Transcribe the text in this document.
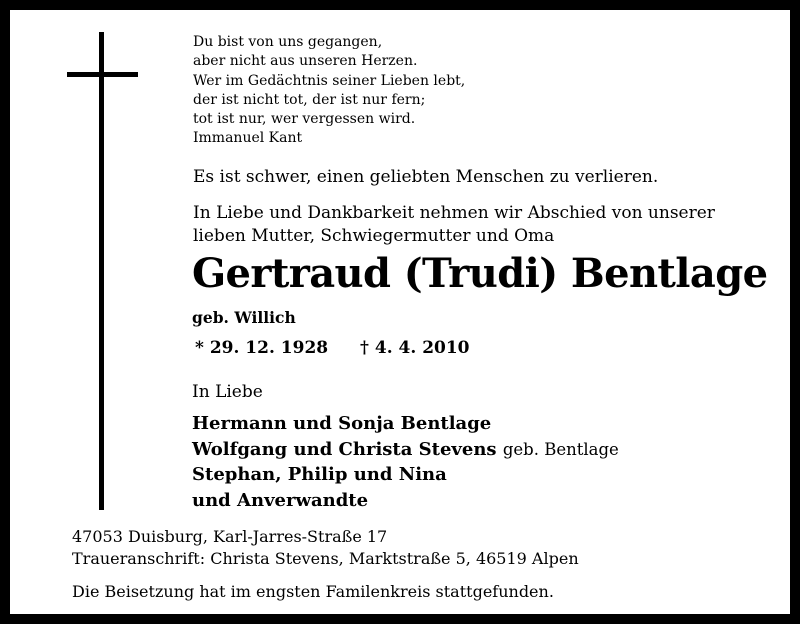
Du bist von uns gegangen,
aber nicht aus unseren Herzen.
Wer im Gedächtnis seiner Lieben lebt,
der ist nicht tot, der ist nur fern;
tot ist nur, wer vergessen wird.
Immanuel Kant
Es ist schwer, einen geliebten Menschen zu verlieren.
In Liebe und Dankbarkeit nehmen wir Abschied von unserer
lieben Mutter, Schwiegermutter und Oma
Gertraud (Trudi) Bentlage
geb. Willich
* 29. 12. 1928 † 4. 4. 2010
In Liebe
Hermann und Sonja Bentlage
Wolfgang und Christa Stevens geb. Bentlage
Stephan, Philip und Nina
und Anverwandte
47053 Duisburg, Karl-Jarres-Straße 17
Traueranschrift: Christa Stevens, Marktstraße 5, 46519 Alpen
Die Beisetzung hat im engsten Familenkreis stattgefunden.
